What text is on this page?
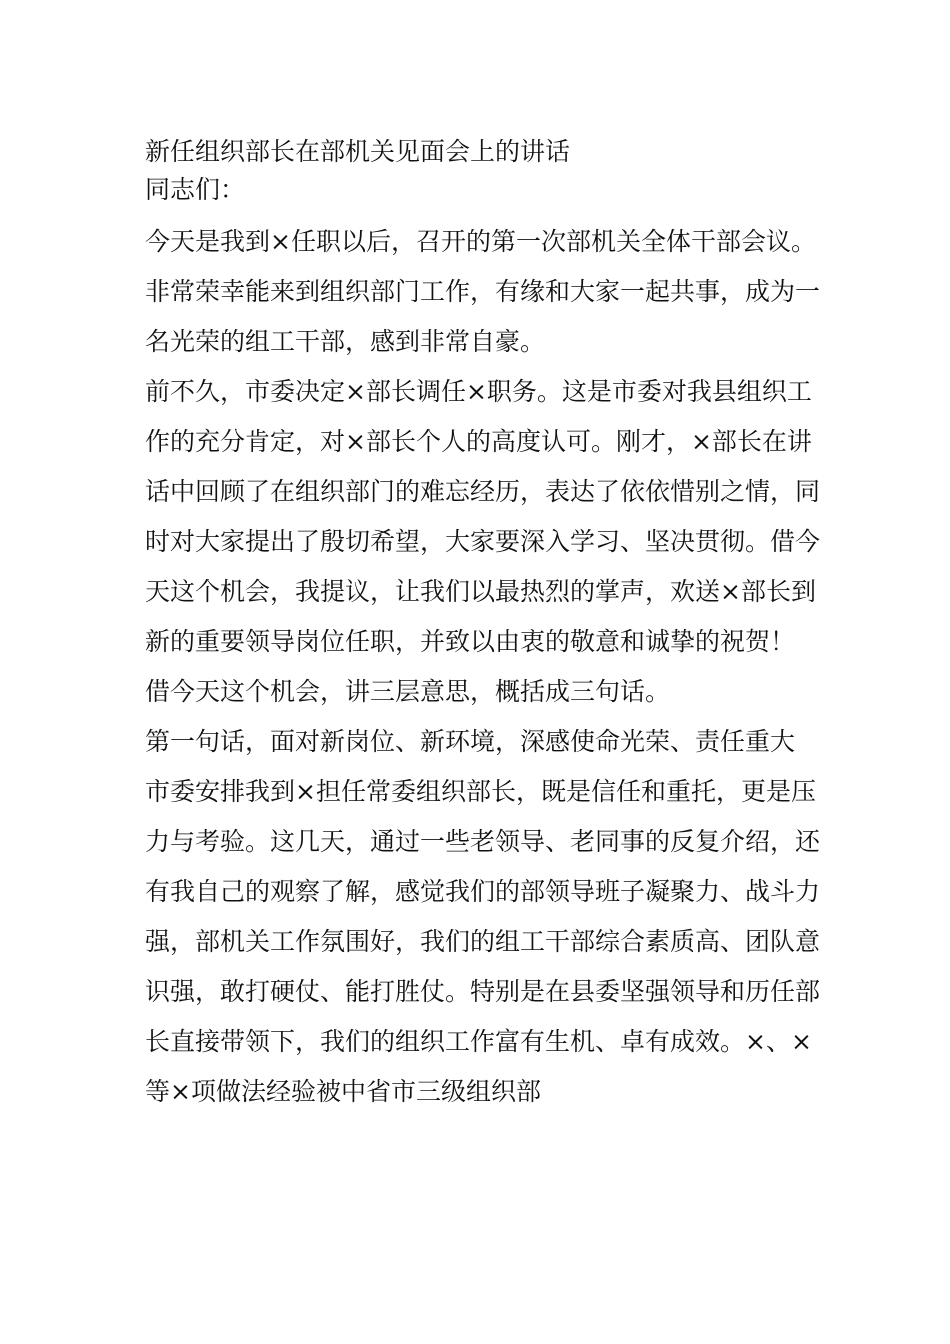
新任组织部长在部机关见面会上的讲话

同志们：

今天是我到×任职以后，召开的第一次部机关全体干部会议。非常荣幸能来到组织部门工作，有缘和大家一起共事，成为一名光荣的组工干部，感到非常自豪。

前不久，市委决定×部长调任×职务。这是市委对我县组织工作的充分肯定，对×部长个人的高度认可。刚才，×部长在讲话中回顾了在组织部门的难忘经历，表达了依依惜别之情，同时对大家提出了殷切希望，大家要深入学习、坚决贯彻。借今天这个机会，我提议，让我们以最热烈的掌声，欢送×部长到新的重要领导岗位任职，并致以由衷的敬意和诚挚的祝贺！

借今天这个机会，讲三层意思，概括成三句话。

第一句话，面对新岗位、新环境，深感使命光荣、责任重大

市委安排我到×担任常委组织部长，既是信任和重托，更是压力与考验。这几天，通过一些老领导、老同事的反复介绍，还有我自己的观察了解，感觉我们的部领导班子凝聚力、战斗力强，部机关工作氛围好，我们的组工干部综合素质高、团队意识强，敢打硬仗、能打胜仗。特别是在县委坚强领导和历任部长直接带领下，我们的组织工作富有生机、卓有成效。×、×等×项做法经验被中省市三级组织部
